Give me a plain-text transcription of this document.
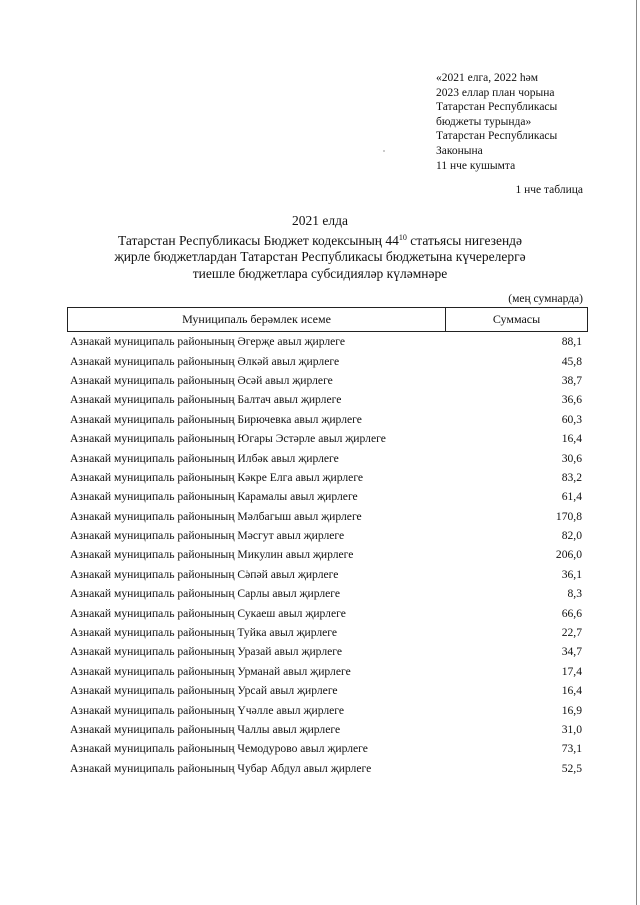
«2021 елга, 2022 һәм
2023 еллар план чорына
Татарстан Республикасы
бюджеты турында»
Татарстан Республикасы
Законына
11 нче кушымта
1 нче таблица
2021 елда
Татарстан Республикасы Бюджет кодексының $44^{10}$ статьясы нигезендә
җирле бюджетлардан Татарстан Республикасы бюджетына күчерелергә
тиешле бюджетлара субсидияләр күләмнәре
(мең сумнарда)
Муниципаль берәмлек исеме	Суммасы
Азнакай муниципаль районының Әгерҗе авыл җирлеге	88,1
Азнакай муниципаль районының Әлкәй авыл җирлеге	45,8
Азнакай муниципаль районының Әсәй авыл җирлеге	38,7
Азнакай муниципаль районының Балтач авыл җирлеге	36,6
Азнакай муниципаль районының Бирючевка авыл җирлеге	60,3
Азнакай муниципаль районының Югары Эстәрле авыл җирлеге	16,4
Азнакай муниципаль районының Илбәк авыл җирлеге	30,6
Азнакай муниципаль районының Кәкре Елга авыл җирлеге	83,2
Азнакай муниципаль районының Карамалы авыл җирлеге	61,4
Азнакай муниципаль районының Мәлбагыш авыл җирлеге	170,8
Азнакай муниципаль районының Мәсгут авыл җирлеге	82,0
Азнакай муниципаль районының Микулин авыл җирлеге	206,0
Азнакай муниципаль районының Сәпәй авыл җирлеге	36,1
Азнакай муниципаль районының Сарлы авыл җирлеге	8,3
Азнакай муниципаль районының Сукаеш авыл җирлеге	66,6
Азнакай муниципаль районының Туйка авыл җирлеге	22,7
Азнакай муниципаль районының Уразай авыл җирлеге	34,7
Азнакай муниципаль районының Урманай авыл җирлеге	17,4
Азнакай муниципаль районының Урсай авыл җирлеге	16,4
Азнакай муниципаль районының Үчәлле авыл җирлеге	16,9
Азнакай муниципаль районының Чаллы авыл җирлеге	31,0
Азнакай муниципаль районының Чемодурово авыл җирлеге	73,1
Азнакай муниципаль районының Чубар Абдул авыл җирлеге	52,5
